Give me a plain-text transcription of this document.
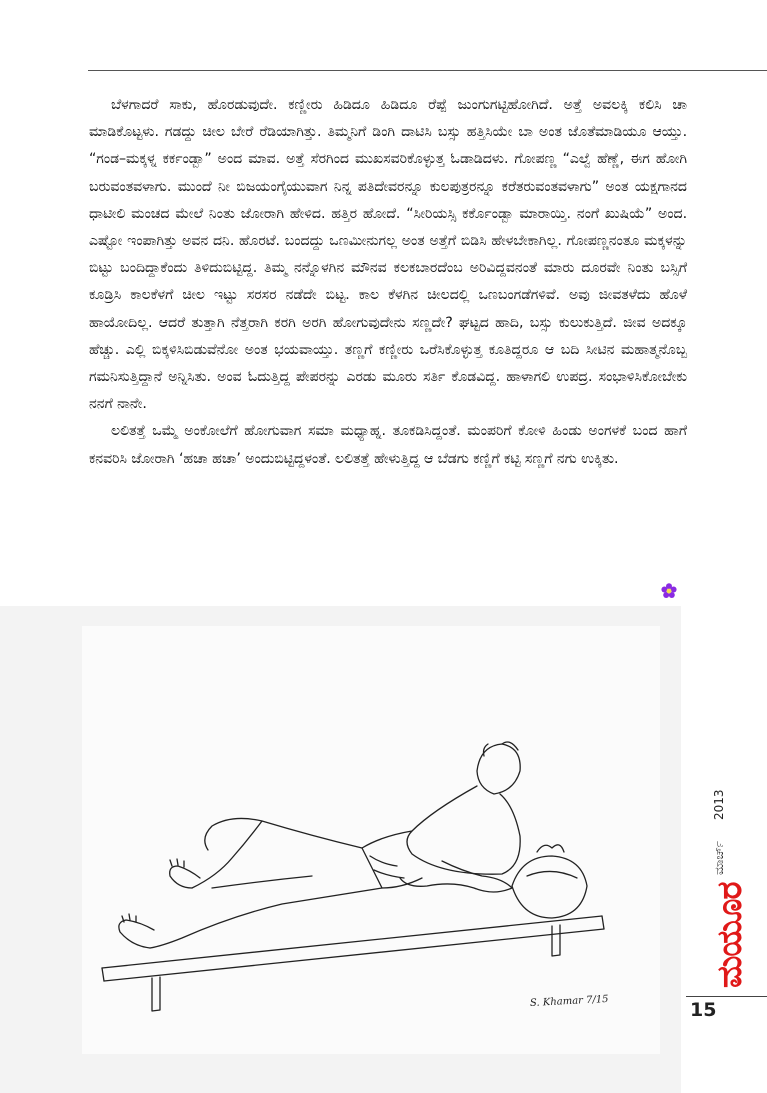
ಬೆಳಗಾದರೆ ಸಾಕು, ಹೊರಡುವುದೇ. ಕಣ್ಣೀರು ಹಿಡಿದೂ ಹಿಡಿದೂ ರೆಪ್ಪೆ ಜುಂಗುಗಟ್ಟಿಹೋಗಿದೆ. ಅತ್ತೆ ಅವಲಕ್ಕಿ ಕಲಿಸಿ ಚಾ ಮಾಡಿಕೊಟ್ಟಳು. ಗಡದ್ದು ಚೀಲ ಬೇರೆ ರೆಡಿಯಾಗಿತ್ತು. ತಿಮ್ಮನಿಗೆ ಡಿಂಗಿ ದಾಟಿಸಿ ಬಸ್ಸು ಹತ್ತಿಸಿಯೇ ಬಾ ಅಂತ ಜೊತೆಮಾಡಿಯೂ ಆಯ್ತು. “ಗಂಡ–ಮಕ್ಕಳ್ನ ಕರ್ಕಂಡ್ಬಾ” ಅಂದ ಮಾವ. ಅತ್ತೆ ಸೆರಗಿಂದ ಮುಖಸವರಿಕೊಳ್ಳುತ್ತ ಓಡಾಡಿದಳು. ಗೋಪಣ್ಣ “ಎಲ್ವೆ ಹೆಣ್ಣೆ, ಈಗ ಹೋಗಿ ಬರುವಂತವಳಾಗು. ಮುಂದೆ ನೀ ಬಿಜಯಂಗೈಯುವಾಗ ನಿನ್ನ ಪತಿದೇವರನ್ನೂ ಕುಲಪುತ್ರರನ್ನೂ ಕರೆತರುವಂತವಳಾಗು” ಅಂತ ಯಕ್ಷಗಾನದ ಧಾಟೀಲಿ ಮಂಚದ ಮೇಲೆ ನಿಂತು ಜೋರಾಗಿ ಹೇಳಿದ. ಹತ್ತಿರ ಹೋದೆ. “ಸೀರಿಯಸ್ಸಿ ಕರ್ಕೊಂಡ್ಬಾ ಮಾರಾಯ್ತಿ. ನಂಗೆ ಖುಷಿಯೆ” ಅಂದ. ಎಷ್ಟೋ ಇಂಪಾಗಿತ್ತು ಅವನ ದನಿ. ಹೊರಟೆ. ಬಂದದ್ದು ಒಣಮೀನುಗಲ್ಲ ಅಂತ ಅತ್ತೆಗೆ ಬಿಡಿಸಿ ಹೇಳಬೇಕಾಗಿಲ್ಲ. ಗೋಪಣ್ಣನಂತೂ ಮಕ್ಕಳನ್ನು ಬಿಟ್ಟು ಬಂದಿದ್ದಾಕೆಂದು ತಿಳಿದುಬಿಟ್ಟಿದ್ದ. ತಿಮ್ಮ ನನ್ನೊಳಗಿನ ಮೌನವ ಕಲಕಬಾರದೆಂಬ ಅರಿವಿದ್ದವನಂತೆ ಮಾರು ದೂರವೇ ನಿಂತು ಬಸ್ಸಿಗೆ ಕೂಡ್ರಿಸಿ ಕಾಲಕೆಳಗೆ ಚೀಲ ಇಟ್ಟು ಸರಸರ ನಡೆದೇ ಬಿಟ್ಟ. ಕಾಲ ಕೆಳಗಿನ ಚೀಲದಲ್ಲಿ ಒಣಬಂಗಡೆಗಳಿವೆ. ಅವು ಜೀವತಳೆದು ಹೊಳೆ ಹಾಯೋದಿಲ್ಲ. ಆದರೆ ತುತ್ತಾಗಿ ನೆತ್ತರಾಗಿ ಕರಗಿ ಅರಗಿ ಹೋಗುವುದೇನು ಸಣ್ಣದೇ? ಘಟ್ಟದ ಹಾದಿ, ಬಸ್ಸು ಕುಲುಕುತ್ತಿದೆ. ಜೀವ ಅದಕ್ಕೂ ಹೆಚ್ಚು. ಎಲ್ಲಿ ಬಿಕ್ಕಳಿಸಿಬಿಡುವೆನೋ ಅಂತ ಭಯವಾಯ್ತು. ತಣ್ಣಗೆ ಕಣ್ಣೀರು ಒರೆಸಿಕೊಳ್ಳುತ್ತ ಕೂತಿದ್ದರೂ ಆ ಬದಿ ಸೀಟಿನ ಮಹಾತ್ಮನೊಬ್ಬ ಗಮನಿಸುತ್ತಿದ್ದಾನೆ ಅನ್ನಿಸಿತು. ಅಂವ ಓದುತ್ತಿದ್ದ ಪೇಪರನ್ನು ಎರಡು ಮೂರು ಸರ್ತಿ ಕೊಡವಿದ್ದ. ಹಾಳಾಗಲಿ ಉಪದ್ರ. ಸಂಭಾಳಿಸಿಕೋಬೇಕು ನನಗೆ ನಾನೇ.

ಲಲಿತತ್ತೆ ಒಮ್ಮೆ ಅಂಕೋಲೆಗೆ ಹೋಗುವಾಗ ಸಮಾ ಮಧ್ಯಾಹ್ನ. ತೂಕಡಿಸಿದ್ದಂತೆ. ಮಂಪರಿಗೆ ಕೋಳಿ ಹಿಂಡು ಅಂಗಳಕೆ ಬಂದ ಹಾಗೆ ಕನವರಿಸಿ ಜೋರಾಗಿ ‘ಹಚಾ ಹಚಾ’ ಅಂದುಬಿಟ್ಟಿದ್ದಳಂತೆ. ಲಲಿತತ್ತೆ ಹೇಳುತ್ತಿದ್ದ ಆ ಬೆಡಗು ಕಣ್ಣಿಗೆ ಕಟ್ಟಿ ಸಣ್ಣಗೆ ನಗು ಉಕ್ಕಿತು.

S. Khamar 7/15
2013
ಮಾರ್ಚ್
ಮಯೂರ
15
